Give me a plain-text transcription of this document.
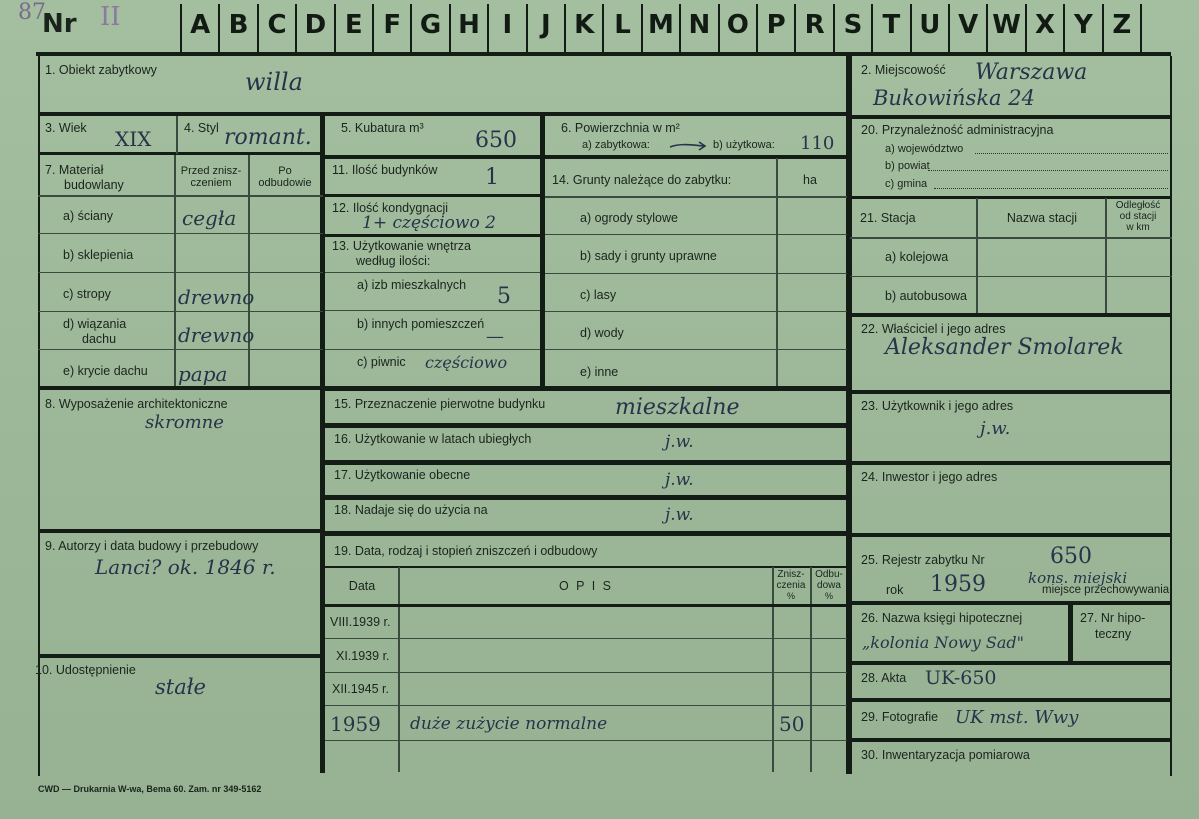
87
Nr II	A B C D E F G H I	J K L M N O P R S T U V W X Y Z
1. Obiekt zabytkowy	willa
3. Wiek XIX	4. Styl romant.
7. Materiał
budowlany
Przed znisz-
czeniem
Po
odbudowie
a) ściany	cegła
b) sklepienia
c) stropy	drewno
d) wiązania
dachu	drewno
e) krycie dachu papa
8. Wyposażenie architektoniczne
skromne
9. Autorzy i data budowy i przebudowy
Lanci? ok. 1846 r.
10. Udostępnienie
stałe
5. Kubatura m³ 650	6. Powierzchnia w m²
a) zabytkowa:	b) użytkowa: 110
11. Ilość budynków 1
12. Ilość kondygnacji
1+ częściowo 2
13. Użytkowanie wnętrza
według ilości:
a) izb mieszkalnych 5
b) innych pomieszczeń
—
c) piwnic częściowo
14. Grunty należące do zabytku:	ha
a) ogrody stylowe
b) sady i grunty uprawne
c) lasy
d) wody
e) inne
15. Przeznaczenie pierwotne budynku	mieszkalne
16. Użytkowanie w latach ubiegłych	j.w.
17. Użytkowanie obecne	j.w.
18. Nadaje się do użycia na	j.w.
19. Data, rodzaj i stopień zniszczeń i odbudowy
Data	O P I S
Znisz-
czenia
%
Odbu-
dowa
%
VIII.1939 r.
XI.1939 r.
XII.1945 r.
1959 duże zużycie normalne	50
2. Miejscowość Warszawa
Bukowińska 24
20. Przynależność administracyjna
a) województwo
b) powiat
c) gmina
21. Stacja	Nazwa stacji
Odległość
od stacji
w km
a) kolejowa
b) autobusowa
22. Właściciel i jego adres
Aleksander Smolarek
23. Użytkownik i jego adres
j.w.
24. Inwestor i jego adres
25. Rejestr zabytku Nr	650
rok 1959	kons. miejski
miejsce przechowywania
26. Nazwa księgi hipotecznej
„kolonia Nowy Sad"
27. Nr hipo-
teczny
28. Akta UK-650
29. Fotografie UK mst. Wwy
30. Inwentaryzacja pomiarowa
CWD — Drukarnia W-wa, Bema 60. Zam. nr 349-5162
